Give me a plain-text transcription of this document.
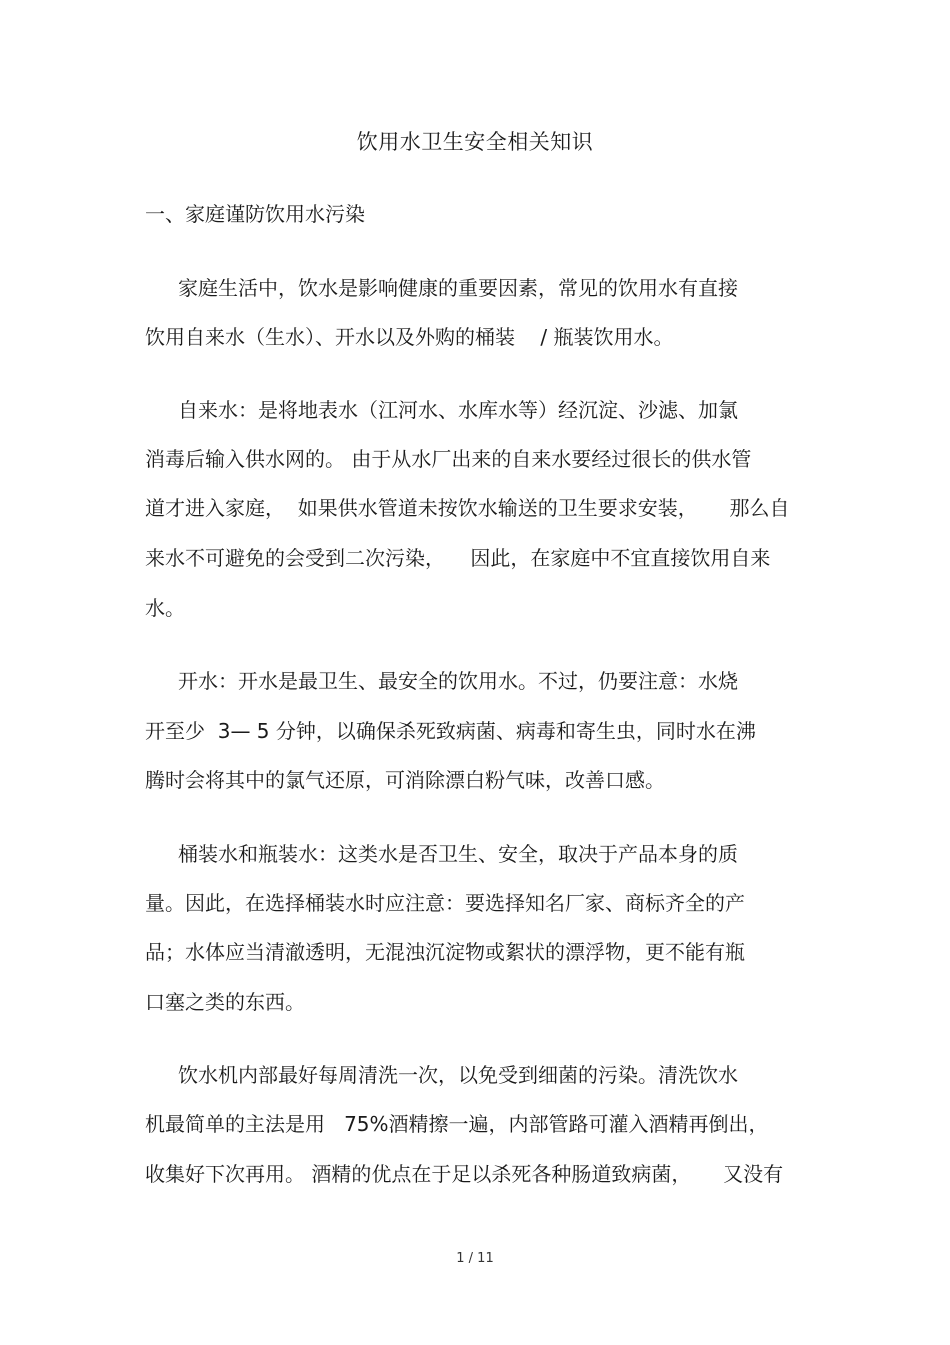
饮用水卫生安全相关知识
一、家庭谨防饮用水污染
家庭生活中，饮水是影响健康的重要因素，常见的饮用水有直接
饮用自来水（生水）、开水以及外购的桶装    / 瓶装饮用水。
自来水：是将地表水（江河水、水库水等）经沉淀、沙滤、加氯
消毒后输入供水网的。 由于从水厂出来的自来水要经过很长的供水管
道才进入家庭，  如果供水管道未按饮水输送的卫生要求安装，     那么自
来水不可避免的会受到二次污染，    因此，在家庭中不宜直接饮用自来
水。
开水：开水是最卫生、最安全的饮用水。不过，仍要注意：水烧
开至少  3— 5 分钟，以确保杀死致病菌、病毒和寄生虫，同时水在沸
腾时会将其中的氯气还原，可消除漂白粉气味，改善口感。
桶装水和瓶装水：这类水是否卫生、安全，取决于产品本身的质
量。因此，在选择桶装水时应注意：要选择知名厂家、商标齐全的产
品；水体应当清澈透明，无混浊沉淀物或絮状的漂浮物，更不能有瓶
口塞之类的东西。
饮水机内部最好每周清洗一次，以免受到细菌的污染。清洗饮水
机最简单的主法是用   75%酒精擦一遍，内部管路可灌入酒精再倒出，
收集好下次再用。 酒精的优点在于足以杀死各种肠道致病菌，     又没有
1 / 11
